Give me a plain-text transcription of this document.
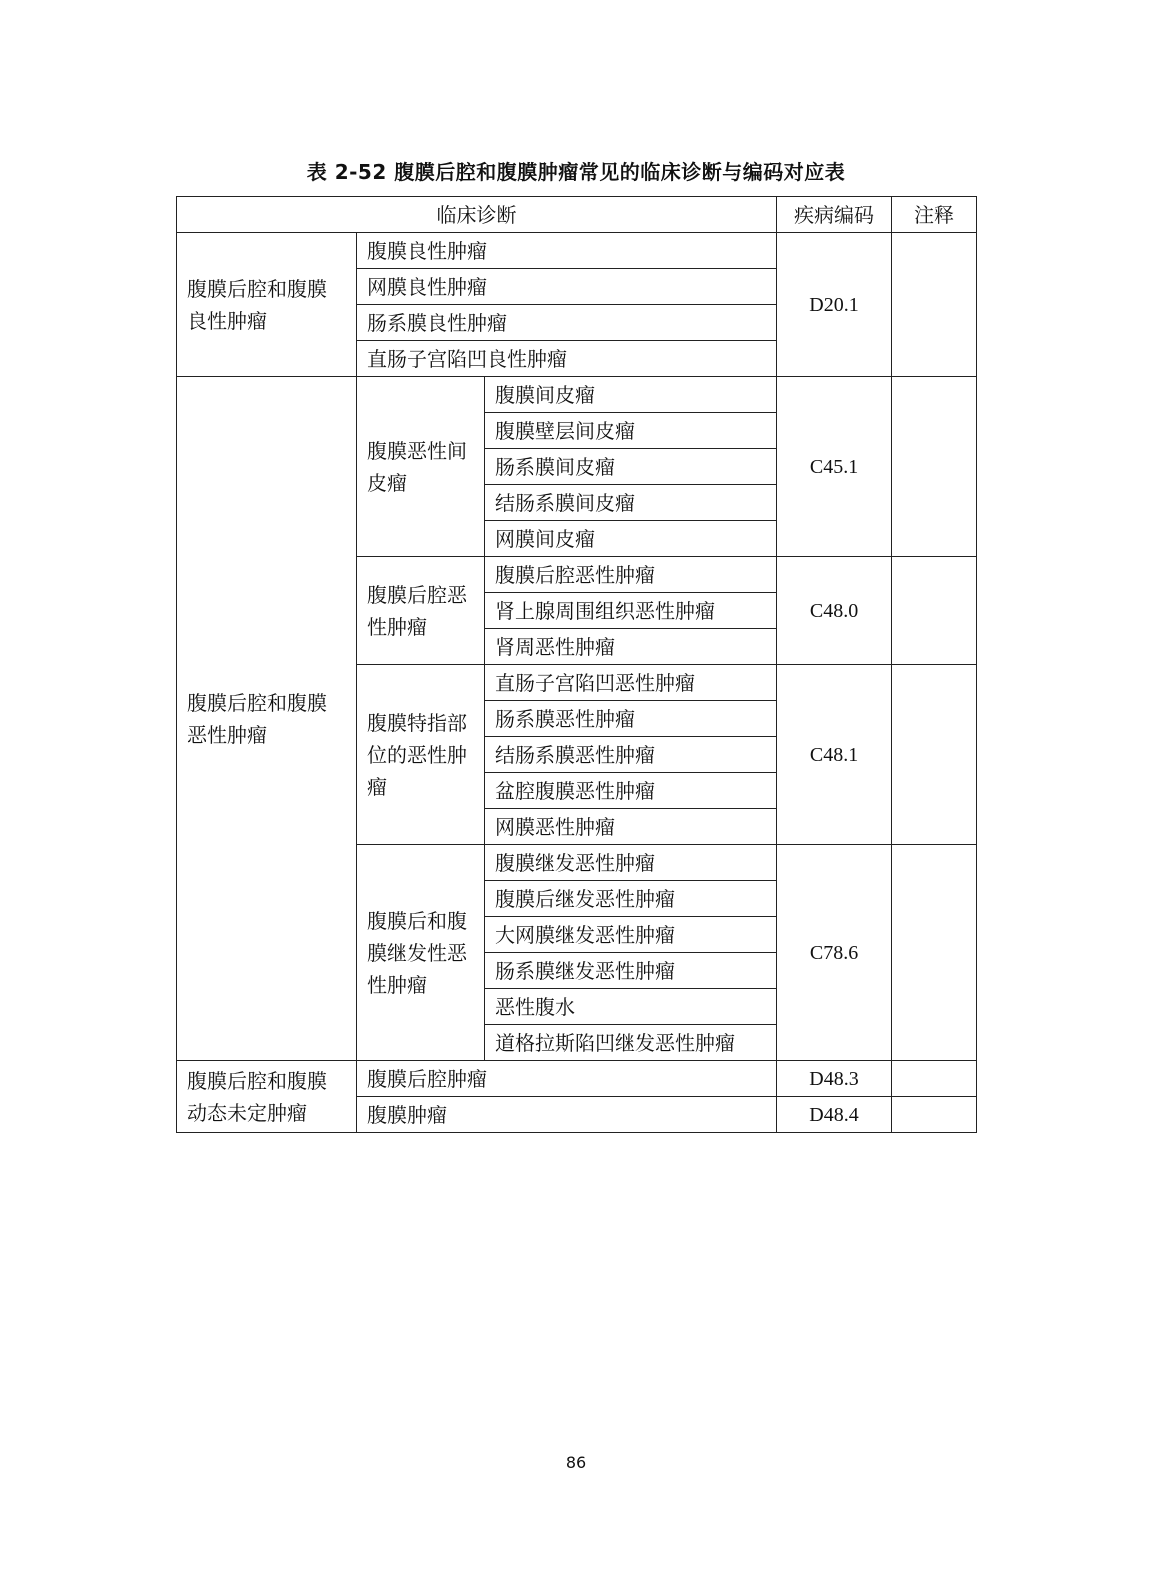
表 2-52 腹膜后腔和腹膜肿瘤常见的临床诊断与编码对应表
临床诊断			疾病编码	注释
腹膜后腔和腹膜良性肿瘤	腹膜良性肿瘤		D20.1	
	网膜良性肿瘤			
	肠系膜良性肿瘤			
	直肠子宫陷凹良性肿瘤			
腹膜后腔和腹膜恶性肿瘤	腹膜恶性间皮瘤	腹膜间皮瘤	C45.1	
		腹膜壁层间皮瘤		
		肠系膜间皮瘤		
		结肠系膜间皮瘤		
		网膜间皮瘤		
	腹膜后腔恶性肿瘤	腹膜后腔恶性肿瘤	C48.0	
		肾上腺周围组织恶性肿瘤		
		肾周恶性肿瘤		
	腹膜特指部位的恶性肿瘤	直肠子宫陷凹恶性肿瘤	C48.1	
		肠系膜恶性肿瘤		
		结肠系膜恶性肿瘤		
		盆腔腹膜恶性肿瘤		
		网膜恶性肿瘤		
	腹膜后和腹膜继发性恶性肿瘤	腹膜继发恶性肿瘤	C78.6	
		腹膜后继发恶性肿瘤		
		大网膜继发恶性肿瘤		
		肠系膜继发恶性肿瘤		
		恶性腹水		
		道格拉斯陷凹继发恶性肿瘤		
腹膜后腔和腹膜动态未定肿瘤	腹膜后腔肿瘤		D48.3	
	腹膜肿瘤		D48.4	
86
